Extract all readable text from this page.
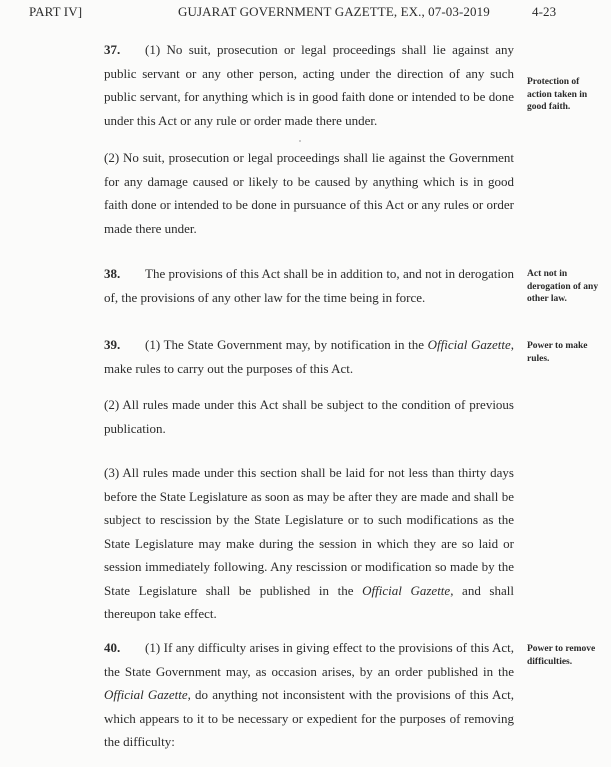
PART IV]	GUJARAT GOVERNMENT GAZETTE, EX., 07-03-2019	4-23

37. (1) No suit, prosecution or legal proceedings shall lie against any public servant or any other person, acting under the direction of any such public servant, for anything which is in good faith done or intended to be done under this Act or any rule or order made there under.

Protection of action taken in good faith.

(2) No suit, prosecution or legal proceedings shall lie against the Government for any damage caused or likely to be caused by anything which is in good faith done or intended to be done in pursuance of this Act or any rules or order made there under.

38. The provisions of this Act shall be in addition to, and not in derogation of, the provisions of any other law for the time being in force.

Act not in derogation of any other law.

39. (1) The State Government may, by notification in the Official Gazette, make rules to carry out the purposes of this Act.

Power to make rules.

(2) All rules made under this Act shall be subject to the condition of previous publication.

(3) All rules made under this section shall be laid for not less than thirty days before the State Legislature as soon as may be after they are made and shall be subject to rescission by the State Legislature or to such modifications as the State Legislature may make during the session in which they are so laid or session immediately following. Any rescission or modification so made by the State Legislature shall be published in the Official Gazette, and shall thereupon take effect.

40. (1) If any difficulty arises in giving effect to the provisions of this Act, the State Government may, as occasion arises, by an order published in the Official Gazette, do anything not inconsistent with the provisions of this Act, which appears to it to be necessary or expedient for the purposes of removing the difficulty:

Power to remove difficulties.
